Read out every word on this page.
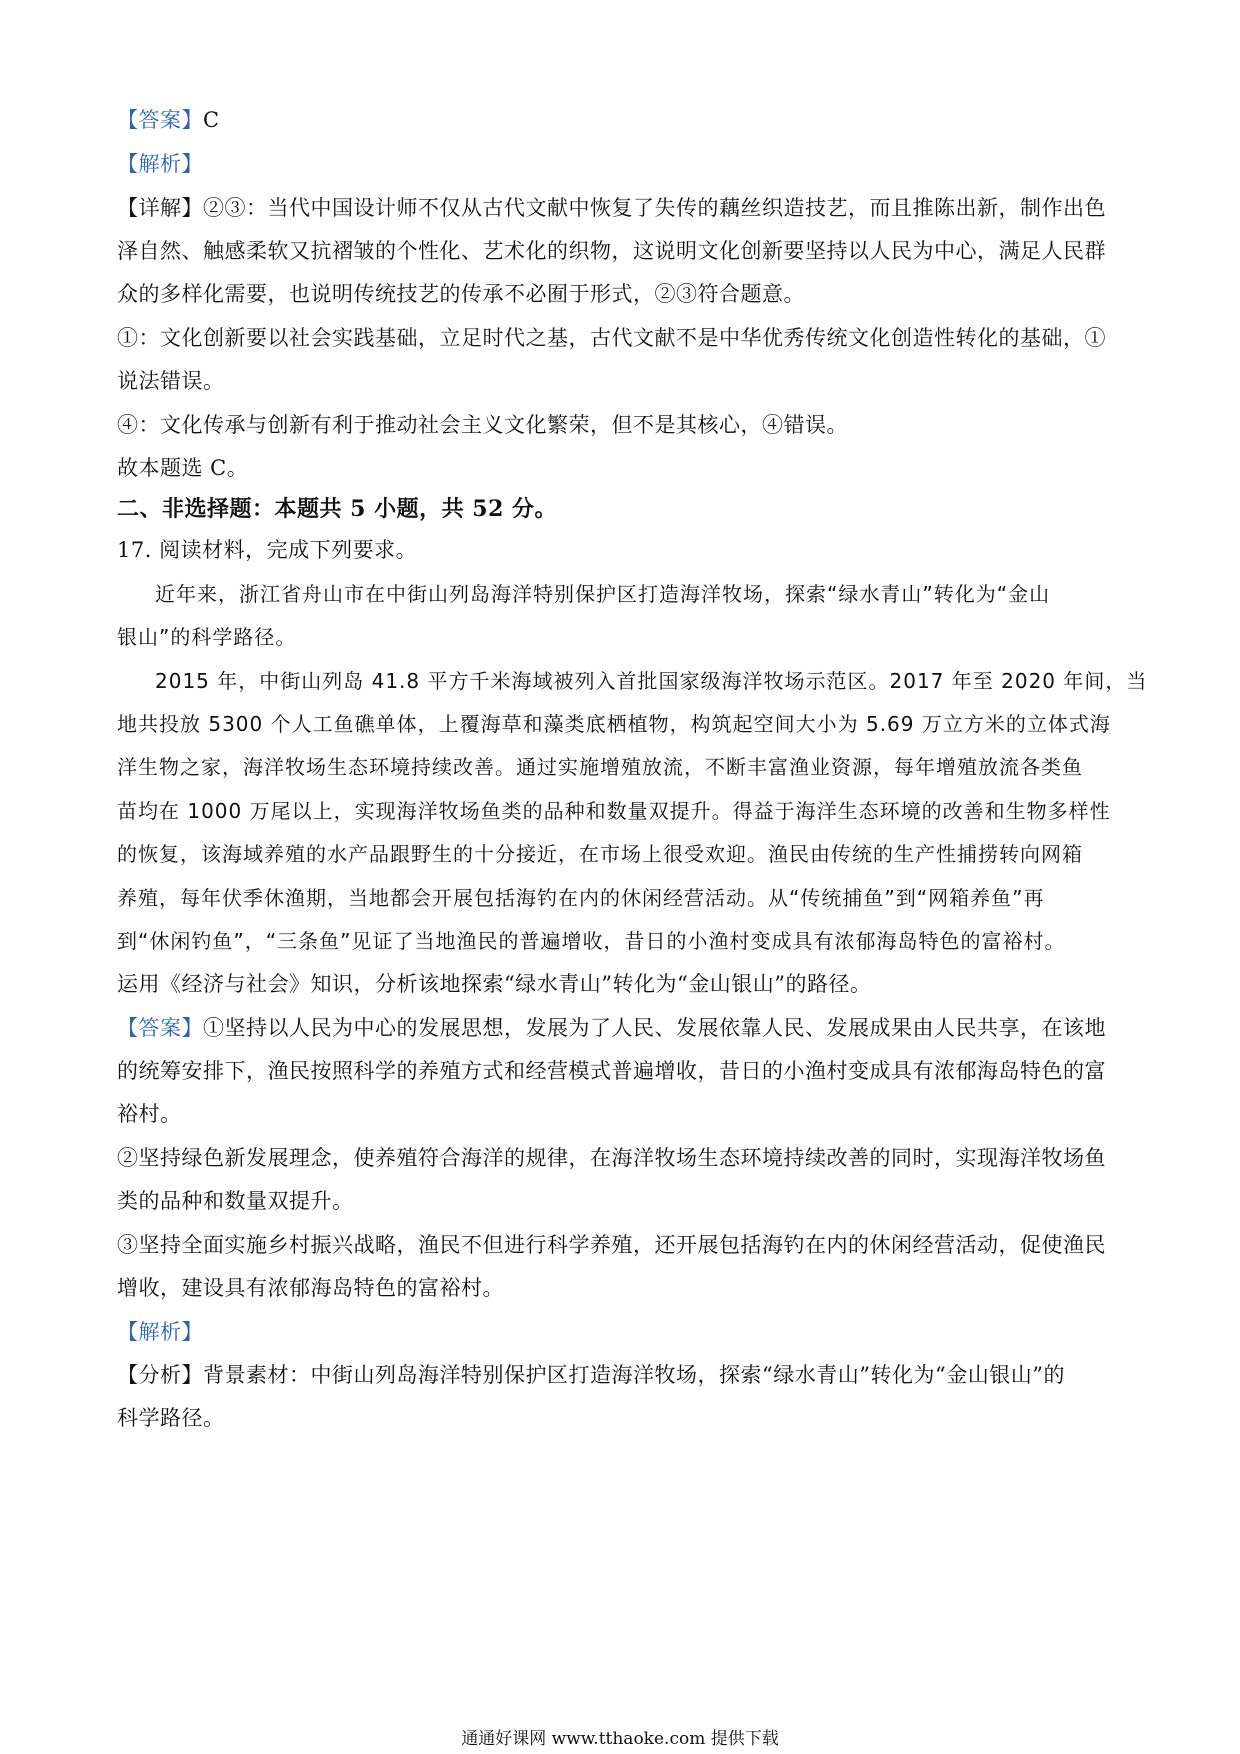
【答案】C
【解析】
【详解】②③：当代中国设计师不仅从古代文献中恢复了失传的藕丝织造技艺，而且推陈出新，制作出色
泽自然、触感柔软又抗褶皱的个性化、艺术化的织物，这说明文化创新要坚持以人民为中心，满足人民群
众的多样化需要，也说明传统技艺的传承不必囿于形式，②③符合题意。
①：文化创新要以社会实践基础，立足时代之基，古代文献不是中华优秀传统文化创造性转化的基础，①
说法错误。
④：文化传承与创新有利于推动社会主义文化繁荣，但不是其核心，④错误。
故本题选 C。
二、非选择题：本题共 5 小题，共 52 分。
17. 阅读材料，完成下列要求。
近年来，浙江省舟山市在中街山列岛海洋特别保护区打造海洋牧场，探索“绿水青山”转化为“金山
银山”的科学路径。
2015 年，中街山列岛 41.8 平方千米海域被列入首批国家级海洋牧场示范区。2017 年至 2020 年间，当
地共投放 5300 个人工鱼礁单体，上覆海草和藻类底栖植物，构筑起空间大小为 5.69 万立方米的立体式海
洋生物之家，海洋牧场生态环境持续改善。通过实施增殖放流，不断丰富渔业资源，每年增殖放流各类鱼
苗均在 1000 万尾以上，实现海洋牧场鱼类的品种和数量双提升。得益于海洋生态环境的改善和生物多样性
的恢复，该海域养殖的水产品跟野生的十分接近，在市场上很受欢迎。渔民由传统的生产性捕捞转向网箱
养殖，每年伏季休渔期，当地都会开展包括海钓在内的休闲经营活动。从“传统捕鱼”到“网箱养鱼”再
到“休闲钓鱼”，“三条鱼”见证了当地渔民的普遍增收，昔日的小渔村变成具有浓郁海岛特色的富裕村。
运用《经济与社会》知识，分析该地探索“绿水青山”转化为“金山银山”的路径。
【答案】①坚持以人民为中心的发展思想，发展为了人民、发展依靠人民、发展成果由人民共享，在该地
的统筹安排下，渔民按照科学的养殖方式和经营模式普遍增收，昔日的小渔村变成具有浓郁海岛特色的富
裕村。
②坚持绿色新发展理念，使养殖符合海洋的规律，在海洋牧场生态环境持续改善的同时，实现海洋牧场鱼
类的品种和数量双提升。
③坚持全面实施乡村振兴战略，渔民不但进行科学养殖，还开展包括海钓在内的休闲经营活动，促使渔民
增收，建设具有浓郁海岛特色的富裕村。
【解析】
【分析】背景素材：中街山列岛海洋特别保护区打造海洋牧场，探索“绿水青山”转化为“金山银山”的
科学路径。
通通好课网 www.tthaoke.com 提供下载
